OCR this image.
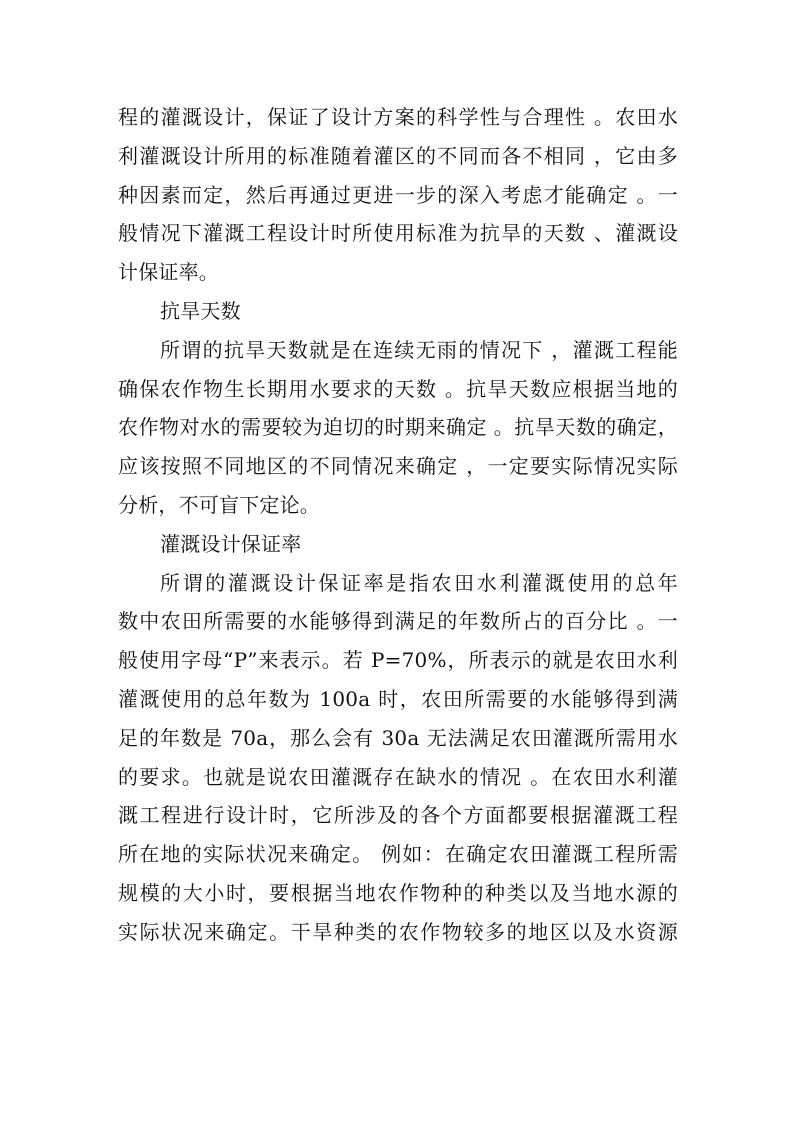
程的灌溉设计，保证了设计方案的科学性与合理性 。农田水
利灌溉设计所用的标准随着灌区的不同而各不相同 ，它由多
种因素而定，然后再通过更进一步的深入考虑才能确定 。一
般情况下灌溉工程设计时所使用标准为抗旱的天数 、灌溉设
计保证率。
抗旱天数
所谓的抗旱天数就是在连续无雨的情况下 ，灌溉工程能
确保农作物生长期用水要求的天数 。抗旱天数应根据当地的
农作物对水的需要较为迫切的时期来确定 。抗旱天数的确定，
应该按照不同地区的不同情况来确定 ，一定要实际情况实际
分析，不可盲下定论。
灌溉设计保证率
所谓的灌溉设计保证率是指农田水利灌溉使用的总年
数中农田所需要的水能够得到满足的年数所占的百分比 。一
般使用字母“P”来表示。若 P=70%，所表示的就是农田水利
灌溉使用的总年数为 100a 时，农田所需要的水能够得到满
足的年数是 70a，那么会有 30a 无法满足农田灌溉所需用水
的要求。也就是说农田灌溉存在缺水的情况 。在农田水利灌
溉工程进行设计时，它所涉及的各个方面都要根据灌溉工程
所在地的实际状况来确定。 例如：在确定农田灌溉工程所需
规模的大小时，要根据当地农作物种的种类以及当地水源的
实际状况来确定。干旱种类的农作物较多的地区以及水资源
